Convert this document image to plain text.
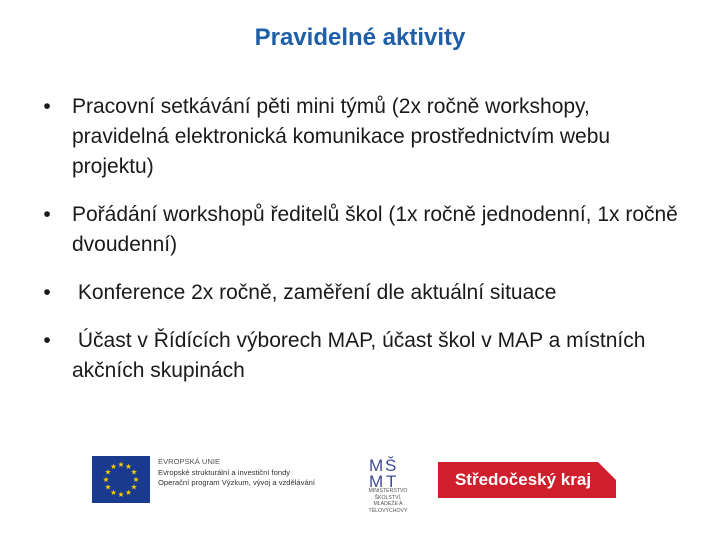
Pravidelné aktivity
• Pracovní setkávání pěti mini týmů (2x ročně workshopy, pravidelná elektronická komunikace prostřednictvím webu projektu)
• Pořádání workshopů ředitelů škol (1x ročně jednodenní, 1x ročně dvoudenní)
• Konference 2x ročně, zaměření dle aktuální situace
• Účast v Řídících výborech MAP, účast škol v MAP a místních akčních skupinách
★ ★
★
★
★
★
★
★
★
★
★
★
EVROPSKÁ UNIE
Evropské strukturální a investiční fondy
Operační program Výzkum, vývoj a vzdělávání
M Š
M T
MINISTERSTVO ŠKOLSTVÍ,
MLÁDEŽE A TĚLOVÝCHOVY
Středočeský kraj
